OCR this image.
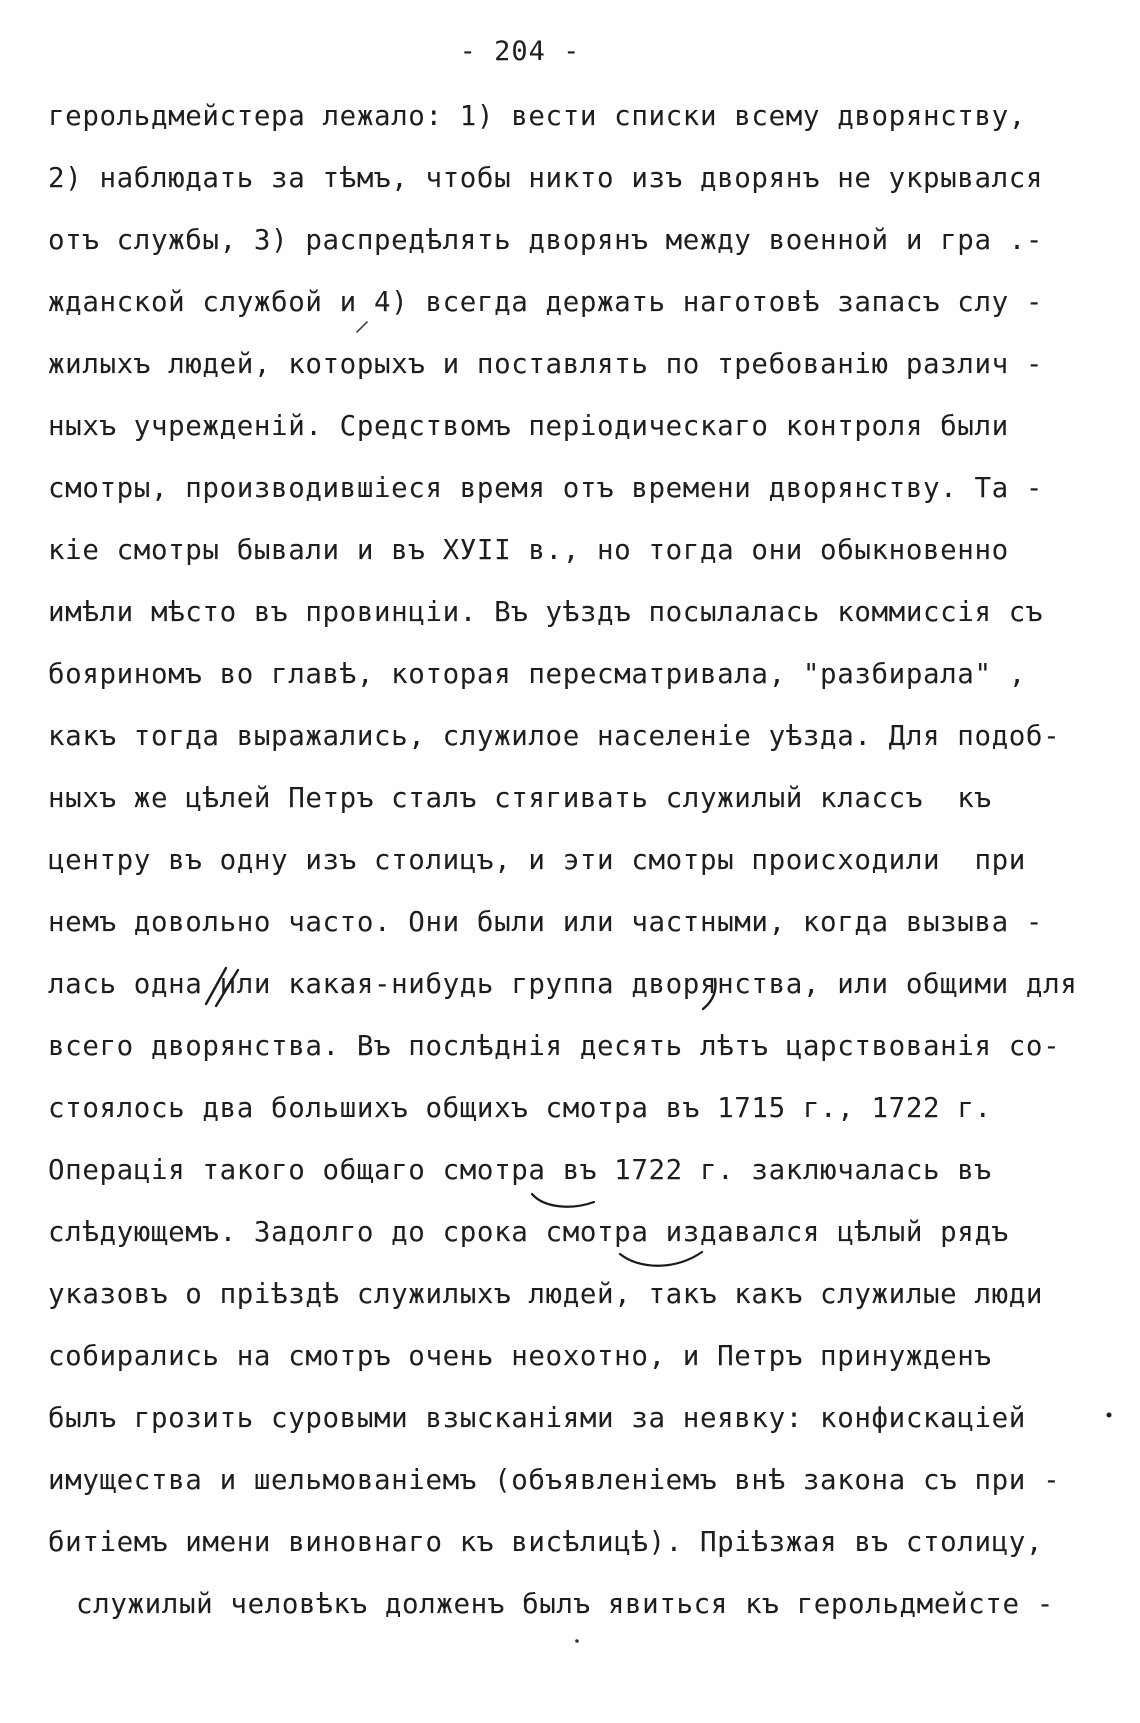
- 204 -
герольдмейстера лежало: 1) вести списки всему дворянству,
2) наблюдать за тѣмъ, чтобы никто изъ дворянъ не укрывался
отъ службы, 3) распредѣлять дворянъ между военной и гра .-
жданской службой и 4) всегда держать наготовѣ запасъ слу -
жилыхъ людей, которыхъ и поставлять по требованію различ -
ныхъ учрежденій. Средствомъ періодическаго контроля были
смотры, производившіеся время отъ времени дворянству. Та -
кіе смотры бывали и въ ХУІІ в., но тогда они обыкновенно
имѣли мѣсто въ провинціи. Въ уѣздъ посылалась коммиссія съ
бояриномъ во главѣ, которая пересматривала, "разбирала" ,
какъ тогда выражались, служилое населеніе уѣзда. Для подоб-
ныхъ же цѣлей Петръ сталъ стягивать служилый классъ  къ
центру въ одну изъ столицъ, и эти смотры происходили  при
немъ довольно часто. Они были или частными, когда вызыва -
лась одна или какая-нибудь группа дворянства, или общими для
всего дворянства. Въ послѣднія десять лѣтъ царствованія со-
стоялось два большихъ общихъ смотра въ 1715 г., 1722 г.
Операція такого общаго смотра въ 1722 г. заключалась въ
слѣдующемъ. Задолго до срока смотра издавался цѣлый рядъ
указовъ о пріѣздѣ служилыхъ людей, такъ какъ служилые люди
собирались на смотръ очень неохотно, и Петръ принужденъ
былъ грозить суровыми взысканіями за неявку: конфискаціей
имущества и шельмованіемъ (объявленіемъ внѣ закона съ при -
битіемъ имени виновнаго къ висѣлицѣ). Пріѣзжая въ столицу,
служилый человѣкъ долженъ былъ явиться къ герольдмейсте -
